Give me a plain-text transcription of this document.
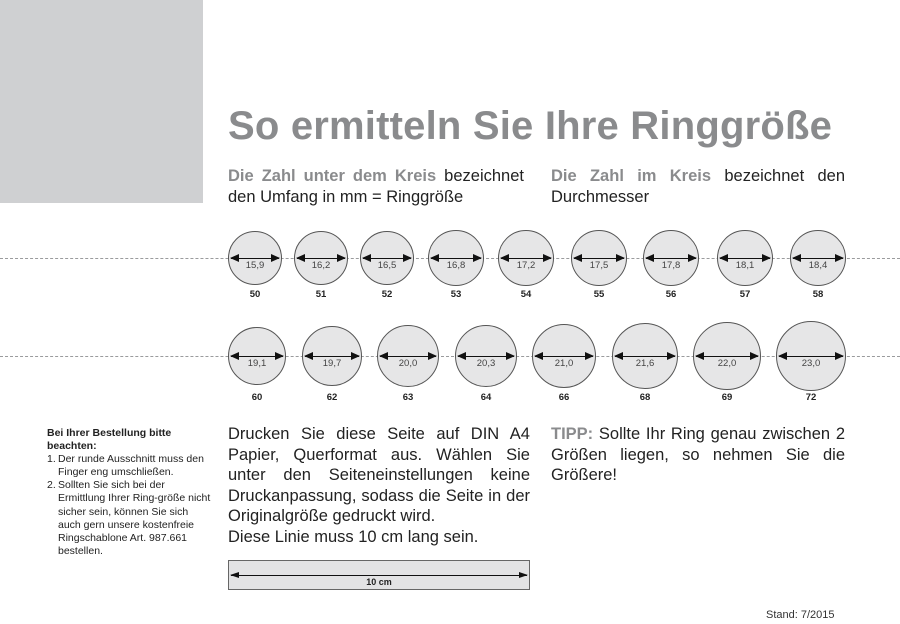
So ermitteln Sie Ihre Ringgröße
Die Zahl unter dem Kreis bezeichnet den Umfang in mm = Ringgröße
Die Zahl im Kreis bezeichnet den Durchmesser
15,9
50
16,2
51
16,5
52
16,8
53
17,2
54
17,5
55
17,8
56
18,1
57
18,4
58
19,1
60
19,7
62
20,0
63
20,3
64
21,0
66
21,6
68
22,0
69
23,0
72
Bei Ihrer Bestellung bitte beachten:
1. Der runde Ausschnitt muss den Finger eng umschließen.
2. Sollten Sie sich bei der Ermittlung Ihrer Ring-größe nicht sicher sein, können Sie sich auch gern unsere kostenfreie Ringschablone Art. 987.661 bestellen.
Drucken Sie diese Seite auf DIN A4 Papier, Querformat aus. Wählen Sie unter den Seiteneinstellungen keine Druckanpassung, sodass die Seite in der Originalgröße gedruckt wird.
Diese Linie muss 10 cm lang sein.
10 cm
TIPP: Sollte Ihr Ring genau zwischen 2 Größen liegen, so nehmen Sie die Größere!
Stand: 7/2015
